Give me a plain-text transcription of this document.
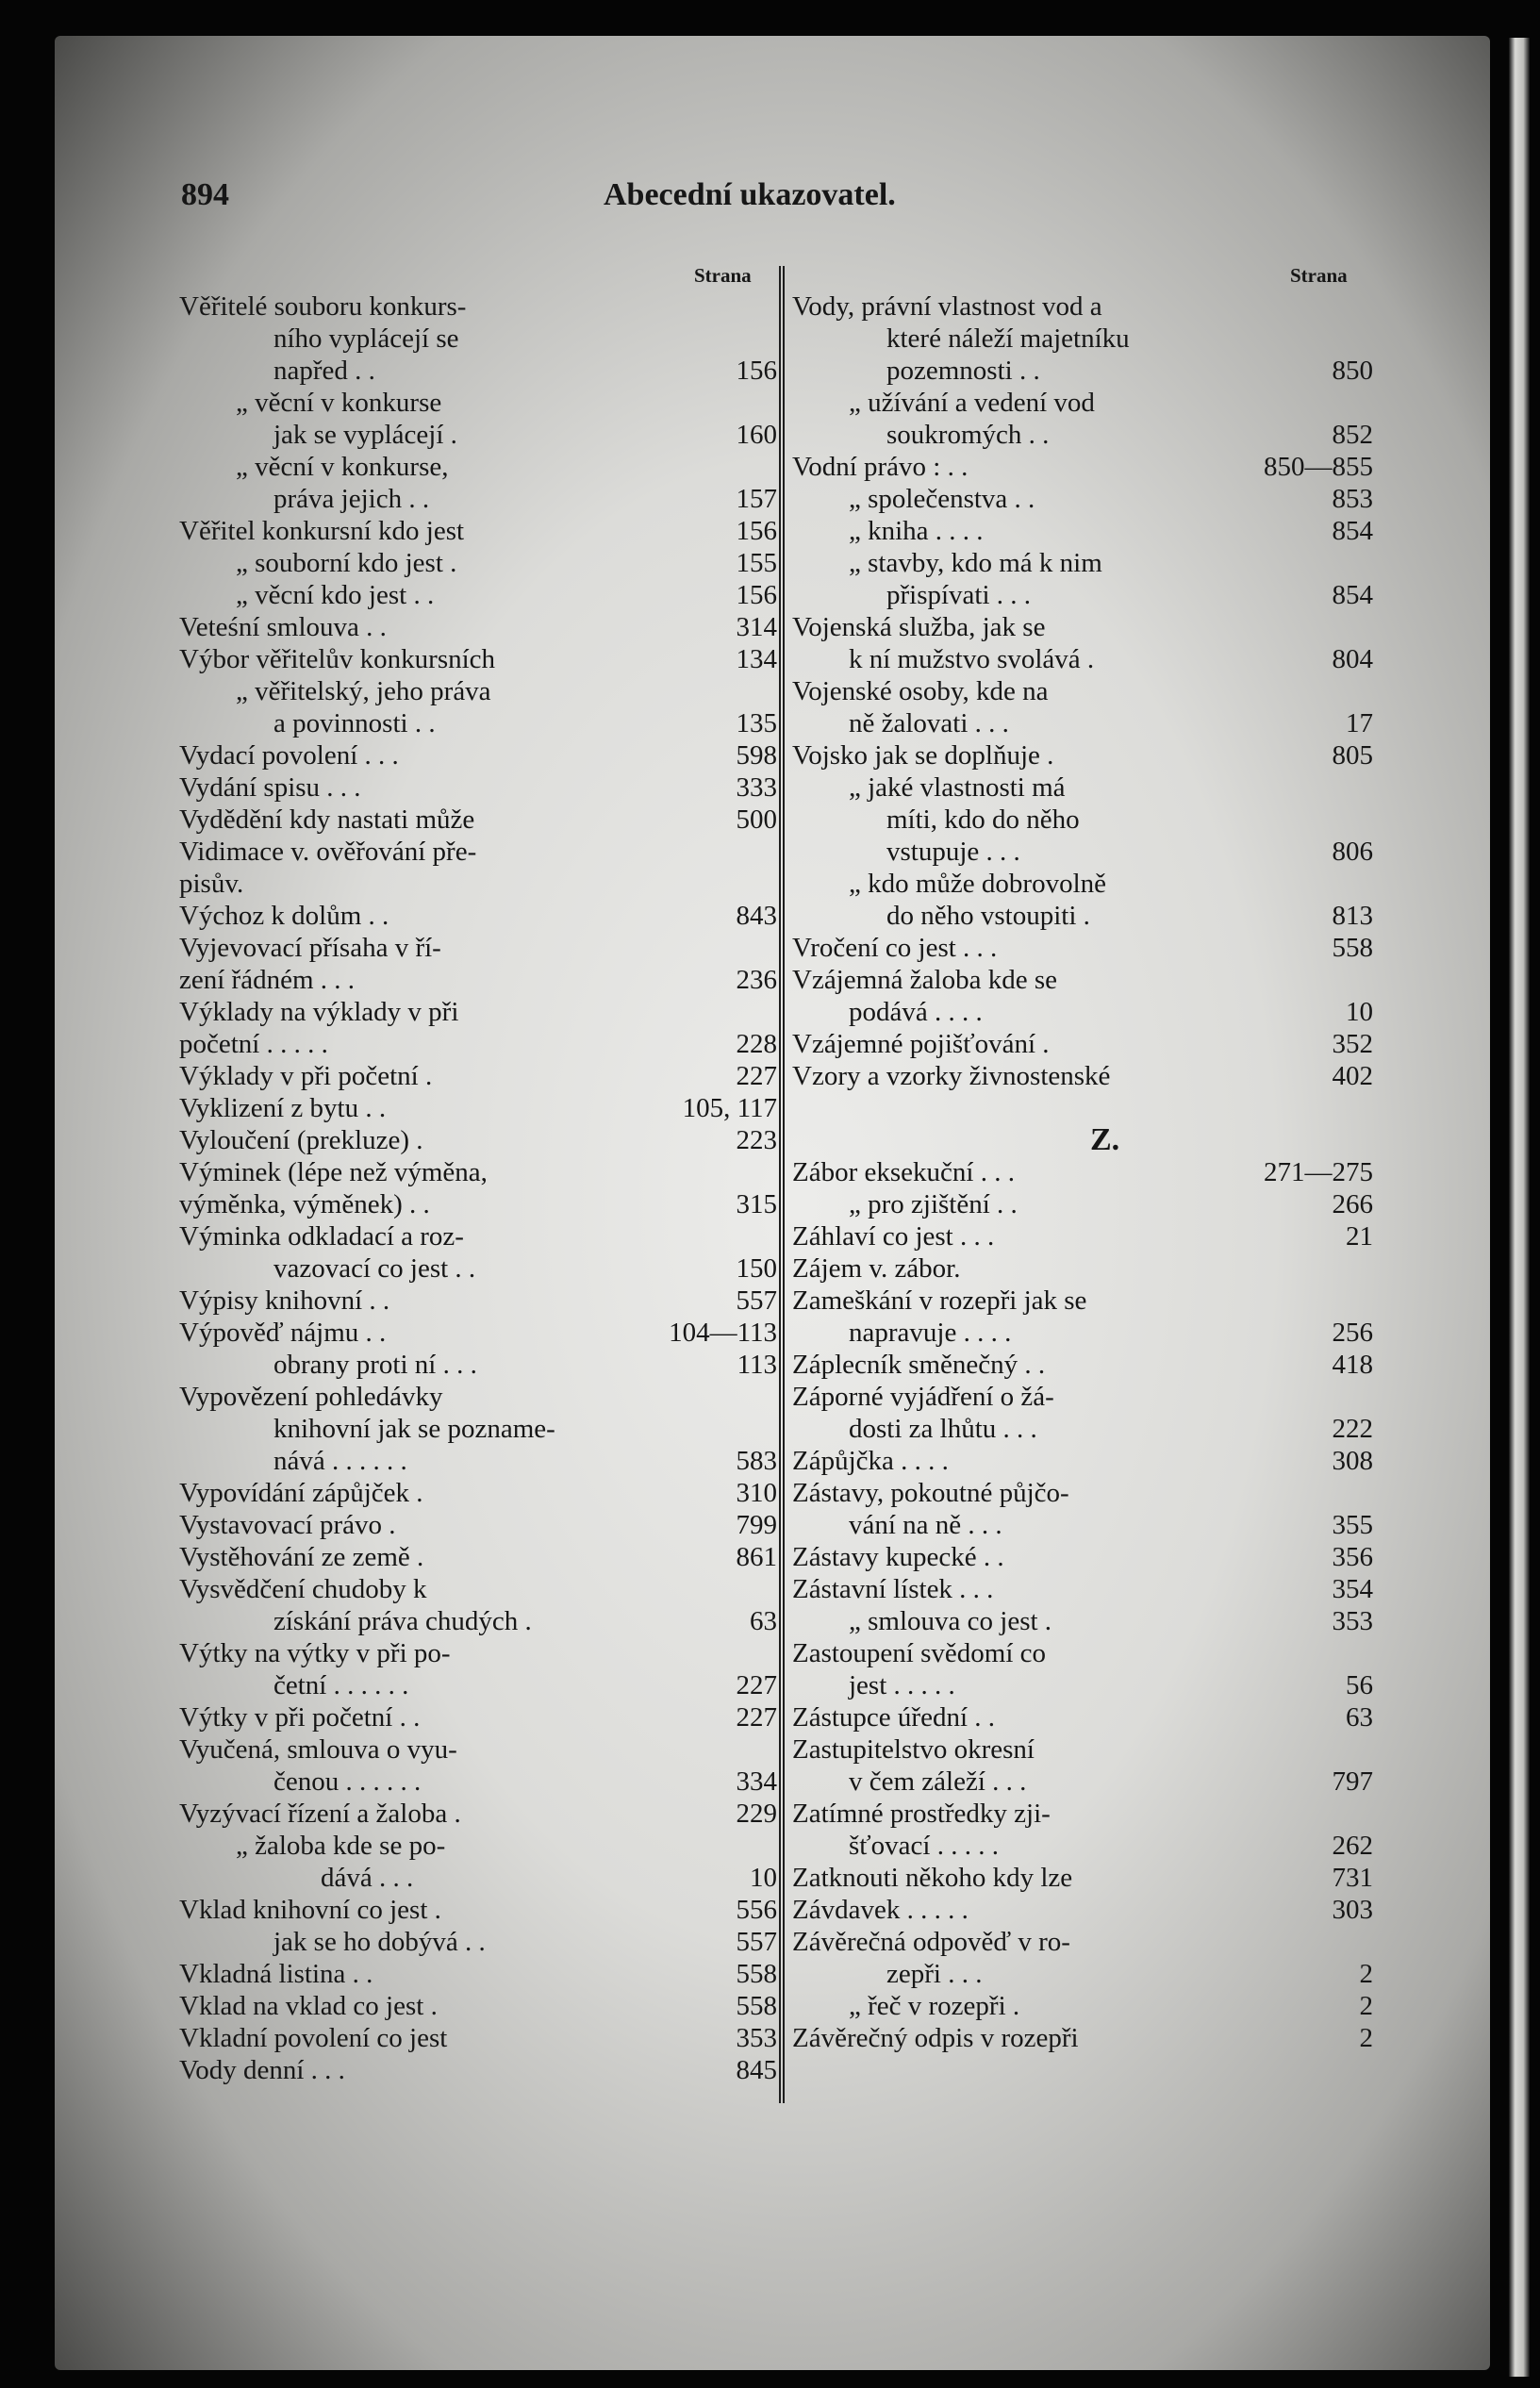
894	Abecední ukazovatel.
Strana
Věřitelé souboru konkurs-
ního vyplácejí se
napřed . .	156
„ věcní v konkurse
jak se vyplácejí .	160
„ věcní v konkurse,
práva jejich . .	157
Věřitel konkursní kdo jest	156
„ souborní kdo jest .	155
„ věcní kdo jest . .	156
Veteśní smlouva . .	314
Výbor věřitelův konkursních	134
„ věřitelský, jeho práva
a povinnosti . .	135
Vydací povolení . . .	598
Vydání spisu . . .	333
Vydědění kdy nastati může	500
Vidimace v. ověřování pře-
pisův.
Výchoz k dolům . .	843
Vyjevovací přísaha v ří-
zení řádném . . .	236
Výklady na výklady v při
početní . . . . .	228
Výklady v při početní .	227
Vyklizení z bytu . .	105, 117
Vyloučení (prekluze) .	223
Výminek (lépe než výměna,
výměnka, výměnek) . .	315
Výminka odkladací a roz-
vazovací co jest . .	150
Výpisy knihovní . .	557
Výpověď nájmu . .	104—113
obrany proti ní . . .	113
Vypovězení pohledávky
knihovní jak se pozname-
nává . . . . . .	583
Vypovídání zápůjček .	310
Vystavovací právo .	799
Vystěhování ze země .	861
Vysvědčení chudoby k
získání práva chudých .	63
Výtky na výtky v při po-
četní . . . . . .	227
Výtky v při početní . .	227
Vyučená, smlouva o vyu-
čenou . . . . . .	334
Vyzývací řízení a žaloba .	229
„ žaloba kde se po-
dává . . .	10
Vklad knihovní co jest .	556
jak se ho dobývá . .	557
Vkladná listina . .	558
Vklad na vklad co jest .	558
Vkladní povolení co jest	353
Vody denní . . .	845
Strana
Vody, právní vlastnost vod a
které náleží majetníku
pozemnosti . .	850
„ užívání a vedení vod
soukromých . .	852
Vodní právo : . .	850—855
„ společenstva . .	853
„ kniha . . . .	854
„ stavby, kdo má k nim
přispívati . . .	854
Vojenská služba, jak se
k ní mužstvo svolává .	804
Vojenské osoby, kde na
ně žalovati . . .	17
Vojsko jak se doplňuje .	805
„ jaké vlastnosti má
míti, kdo do něho
vstupuje . . .	806
„ kdo může dobrovolně
do něho vstoupiti .	813
Vročení co jest . . .	558
Vzájemná žaloba kde se
podává . . . .	10
Vzájemné pojišťování .	352
Vzory a vzorky živnostenské	402
Z.
Zábor eksekuční . . .	271—275
„ pro zjištění . .	266
Záhlaví co jest . . .	21
Zájem v. zábor.
Zameškání v rozepři jak se
napravuje . . . .	256
Zápleсník směnečný . .	418
Záporné vyjádření o žá-
dosti za lhůtu . . .	222
Zápůjčka . . . .	308
Zástavy, pokoutné půjčo-
vání na ně . . .	355
Zástavy kupecké . .	356
Zástavní lístek . . .	354
„ smlouva co jest .	353
Zastoupení svědomí co
jest . . . . .	56
Zástupce úřední . .	63
Zastupitelstvo okresní
v čem záleží . . .	797
Zatímné prostředky zji-
šťovací . . . . .	262
Zatknouti někoho kdy lze	731
Závdavek . . . . .	303
Závěrečná odpověď v ro-
zepři . . .	2
„ řeč v rozepři .	2
Závěrečný odpis v rozepři	2
